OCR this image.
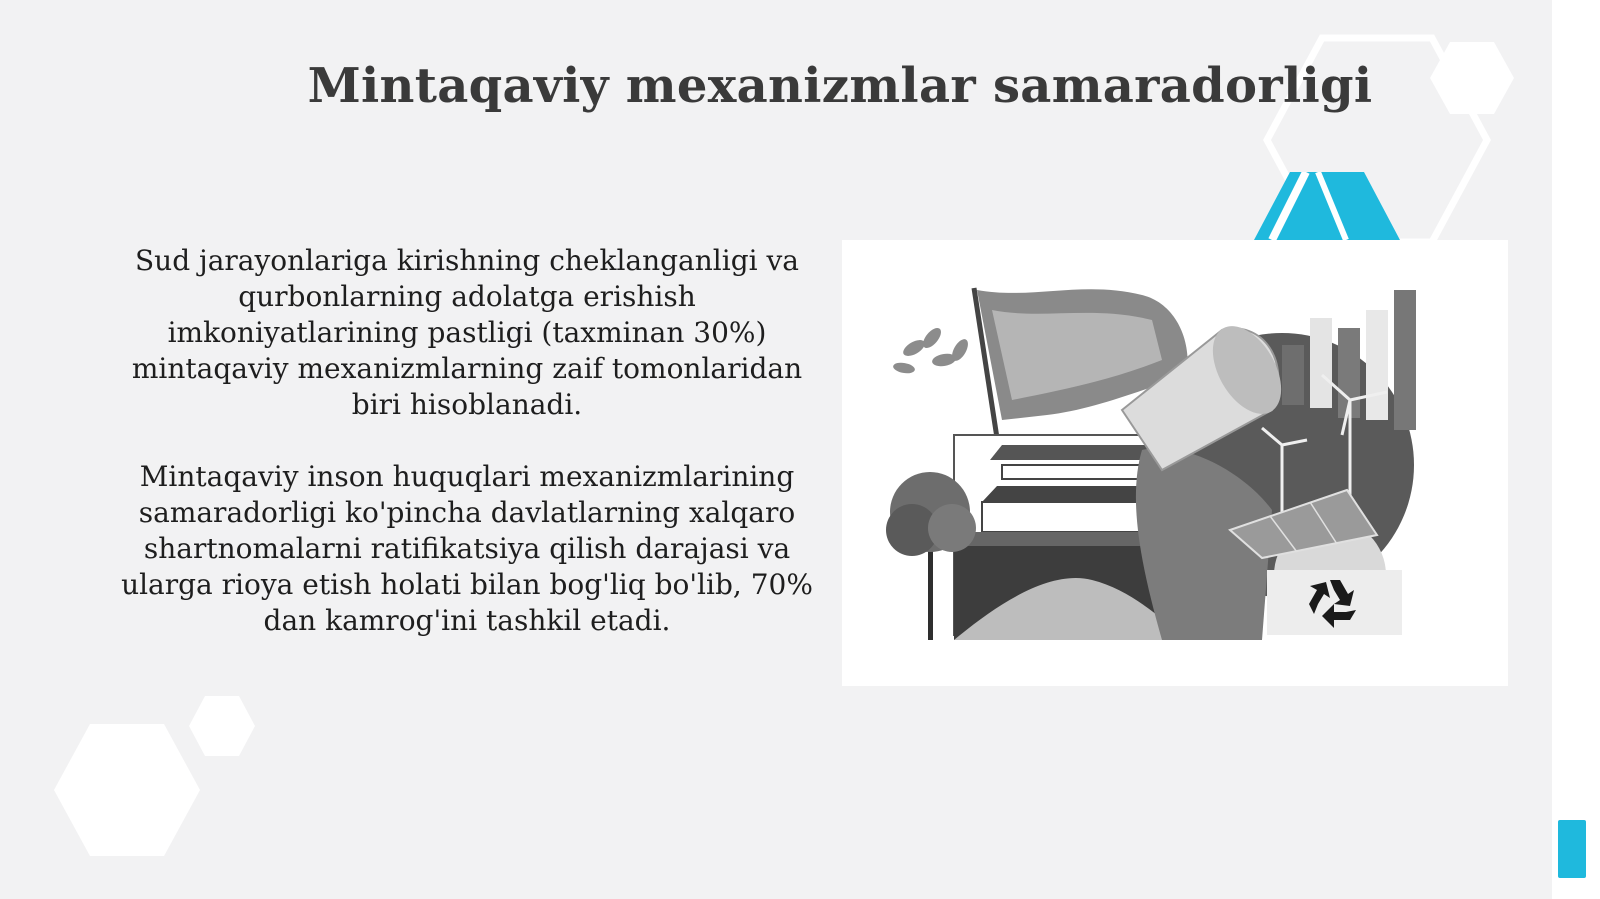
Mintaqaviy mexanizmlar samaradorligi

Sud jarayonlariga kirishning cheklanganligi va qurbonlarning adolatga erishish imkoniyatlarining pastligi (taxminan 30%) mintaqaviy mexanizmlarning zaif tomonlaridan biri hisoblanadi.

Mintaqaviy inson huquqlari mexanizmlarining samaradorligi ko'pincha davlatlarning xalqaro shartnomalarni ratifikatsiya qilish darajasi va ularga rioya etish holati bilan bog'liq bo'lib, 70% dan kamrog'ini tashkil etadi.
